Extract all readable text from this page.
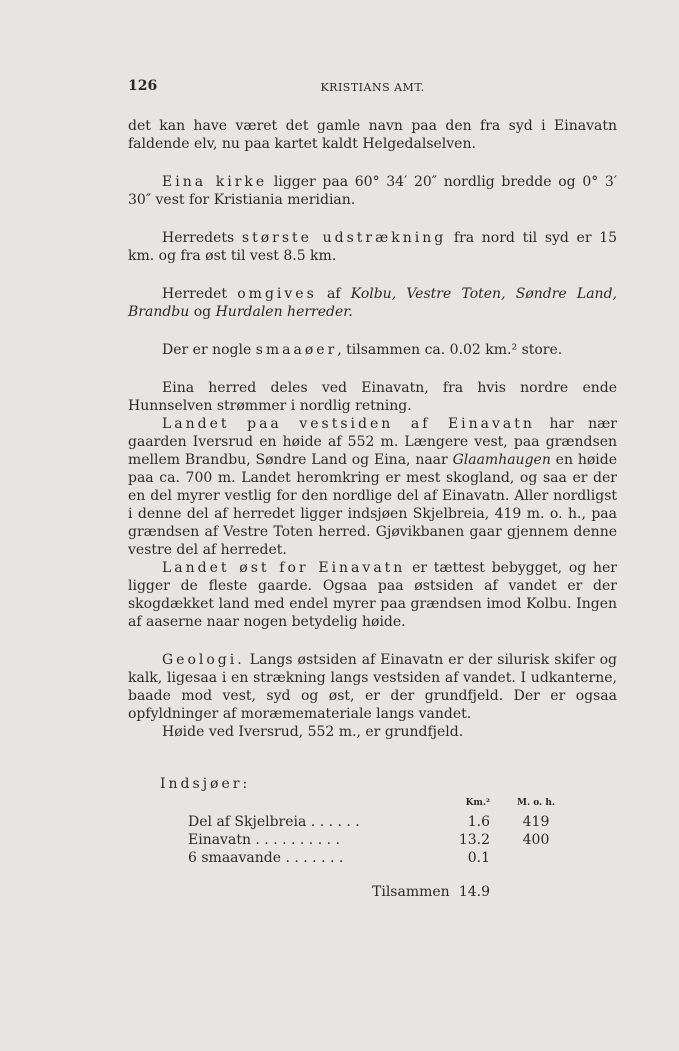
126	KRISTIANS AMT.

det kan have været det gamle navn paa den fra syd i Einavatn faldende elv, nu paa kartet kaldt Helgedalselven.

Eina kirke ligger paa 60° 34′ 20″ nordlig bredde og 0° 3′ 30″ vest for Kristiania meridian.

Herredets største udstrækning fra nord til syd er 15 km. og fra øst til vest 8.5 km.

Herredet omgives af Kolbu, Vestre Toten, Søndre Land, Brandbu og Hurdalen herreder.

Der er nogle smaaøer, tilsammen ca. 0.02 km.² store.

Eina herred deles ved Einavatn, fra hvis nordre ende Hunnselven strømmer i nordlig retning.

Landet paa vestsiden af Einavatn har nær gaarden Iversrud en høide af 552 m. Længere vest, paa grændsen mellem Brandbu, Søndre Land og Eina, naar Glaamhaugen en høide paa ca. 700 m. Landet heromkring er mest skogland, og saa er der en del myrer vestlig for den nordlige del af Einavatn. Aller nordligst i denne del af herredet ligger indsjøen Skjelbreia, 419 m. o. h., paa grændsen af Vestre Toten herred. Gjøvikbanen gaar gjennem denne vestre del af herredet.

Landet øst for Einavatn er tættest bebygget, og her ligger de fleste gaarde. Ogsaa paa østsiden af vandet er der skogdækket land med endel myrer paa grændsen imod Kolbu. Ingen af aaserne naar nogen betydelig høide.

Geologi. Langs østsiden af Einavatn er der silurisk skifer og kalk, ligesaa i en strækning langs vestsiden af vandet. I udkanterne, baade mod vest, syd og øst, er der grundfjeld. Der er ogsaa opfyldninger af moræmemateriale langs vandet.

Høide ved Iversrud, 552 m., er grundfjeld.

Indsjøer:
Km.²	M. o. h.
Del af Skjelbreia . . . . . .	1.6	419
Einavatn . . . . . . . . . .	13.2	400
6 smaavande . . . . . . .	0.1
Tilsammen 14.9
